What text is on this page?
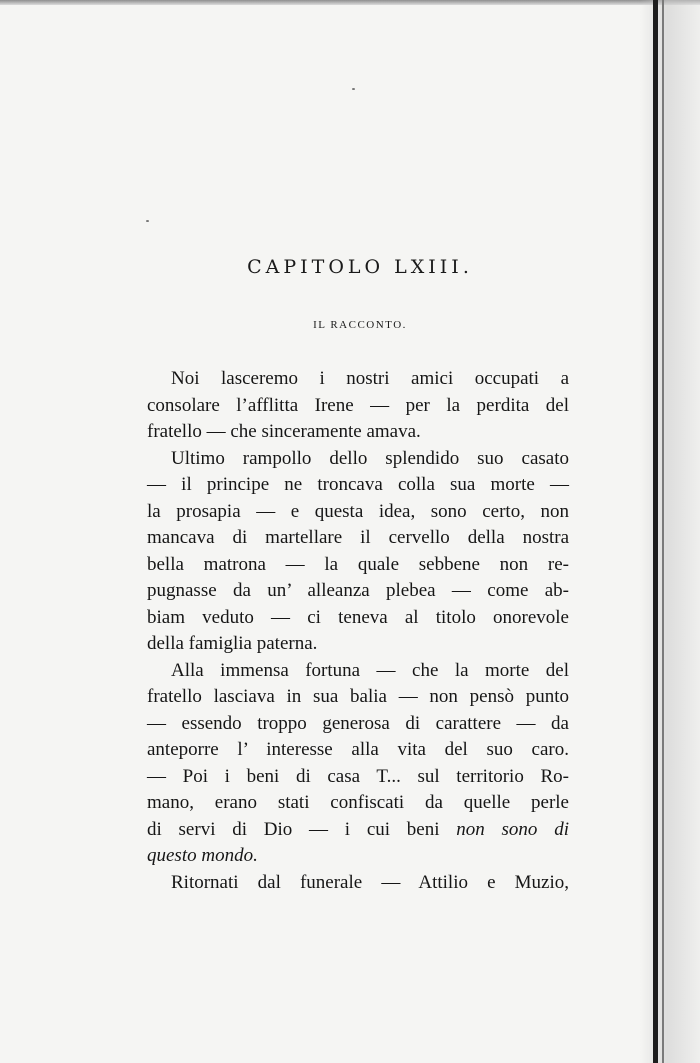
CAPITOLO LXIII.
IL RACCONTO.
Noi lasceremo i nostri amici occupati a
consolare l’afflitta Irene — per la perdita del
fratello — che sinceramente amava.
Ultimo rampollo dello splendido suo casato
— il principe ne troncava colla sua morte —
la prosapia — e questa idea, sono certo, non
mancava di martellare il cervello della nostra
bella matrona — la quale sebbene non re-
pugnasse da un’ alleanza plebea — come ab-
biam veduto — ci teneva al titolo onorevole
della famiglia paterna.
Alla immensa fortuna — che la morte del
fratello lasciava in sua balia — non pensò punto
— essendo troppo generosa di carattere — da
anteporre l’ interesse alla vita del suo caro.
— Poi i beni di casa T... sul territorio Ro-
mano, erano stati confiscati da quelle perle
di servi di Dio — i cui beni non sono di
questo mondo.
Ritornati dal funerale — Attilio e Muzio,
